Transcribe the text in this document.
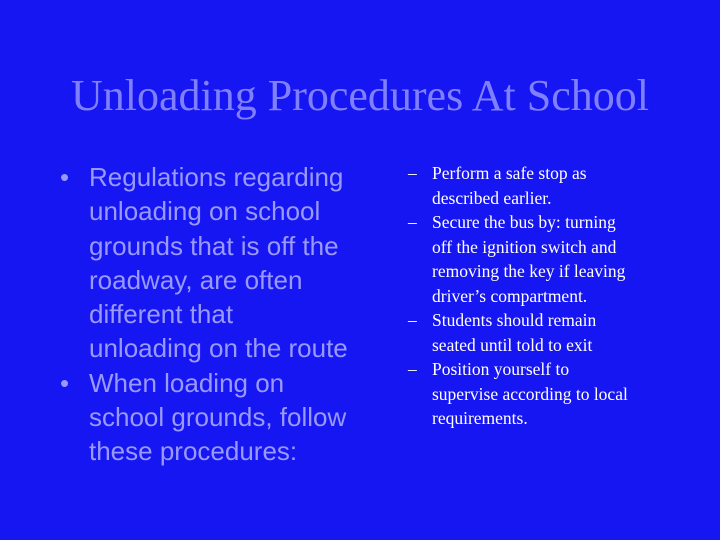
Unloading Procedures At School
• Regulations regarding
unloading on school
grounds that is off the
roadway, are often
different that
unloading on the route
• When loading on
school grounds, follow
these procedures:
– Perform a safe stop as
described earlier.
– Secure the bus by: turning
off the ignition switch and
removing the key if leaving
driver’s compartment.
– Students should remain
seated until told to exit
– Position yourself to
supervise according to local
requirements.
